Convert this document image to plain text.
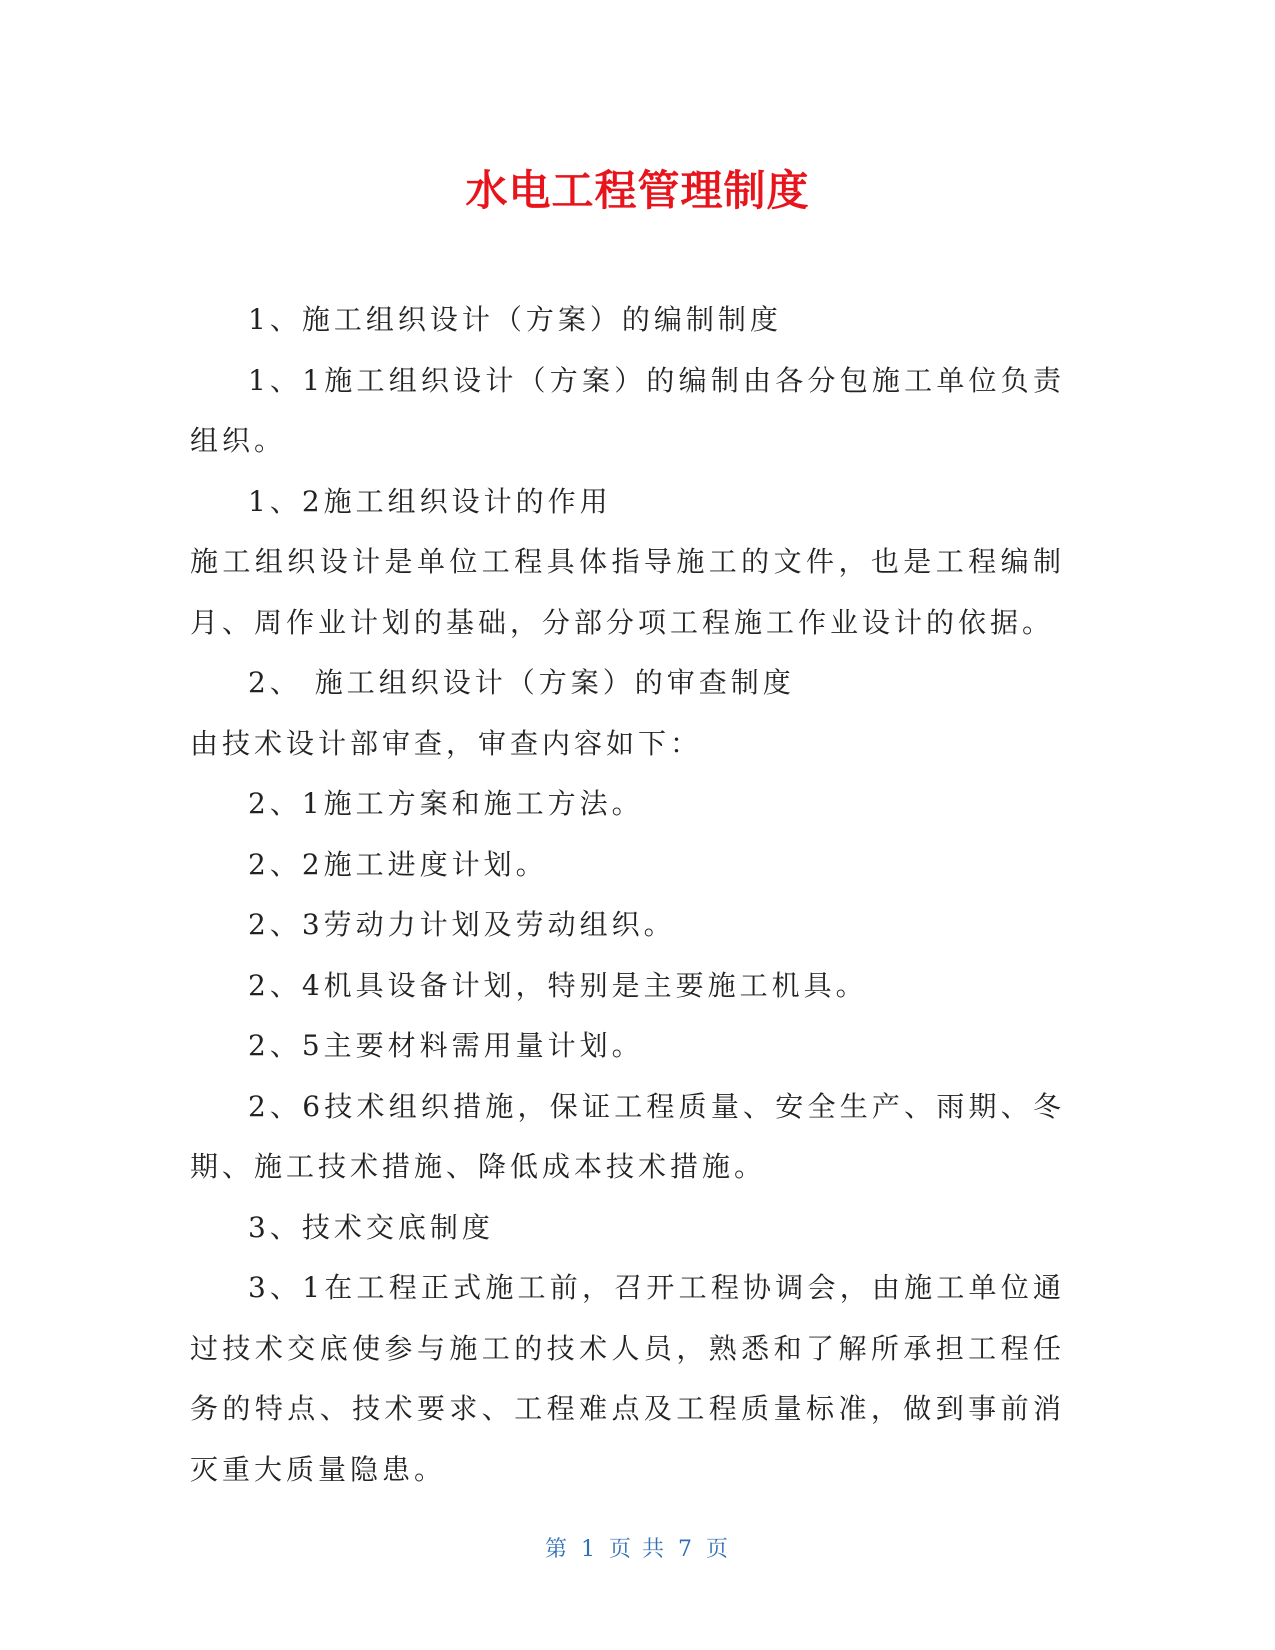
水电工程管理制度

1、施工组织设计（方案）的编制制度

1、1施工组织设计（方案）的编制由各分包施工单位负责组织。

1、2施工组织设计的作用

施工组织设计是单位工程具体指导施工的文件，也是工程编制月、周作业计划的基础，分部分项工程施工作业设计的依据。

2、 施工组织设计（方案）的审查制度

由技术设计部审查，审查内容如下：

2、1施工方案和施工方法。

2、2施工进度计划。

2、3劳动力计划及劳动组织。

2、4机具设备计划，特别是主要施工机具。

2、5主要材料需用量计划。

2、6技术组织措施，保证工程质量、安全生产、雨期、冬期、施工技术措施、降低成本技术措施。

3、技术交底制度

3、1在工程正式施工前，召开工程协调会，由施工单位通过技术交底使参与施工的技术人员，熟悉和了解所承担工程任务的特点、技术要求、工程难点及工程质量标准，做到事前消灭重大质量隐患。

第 1 页 共 7 页
